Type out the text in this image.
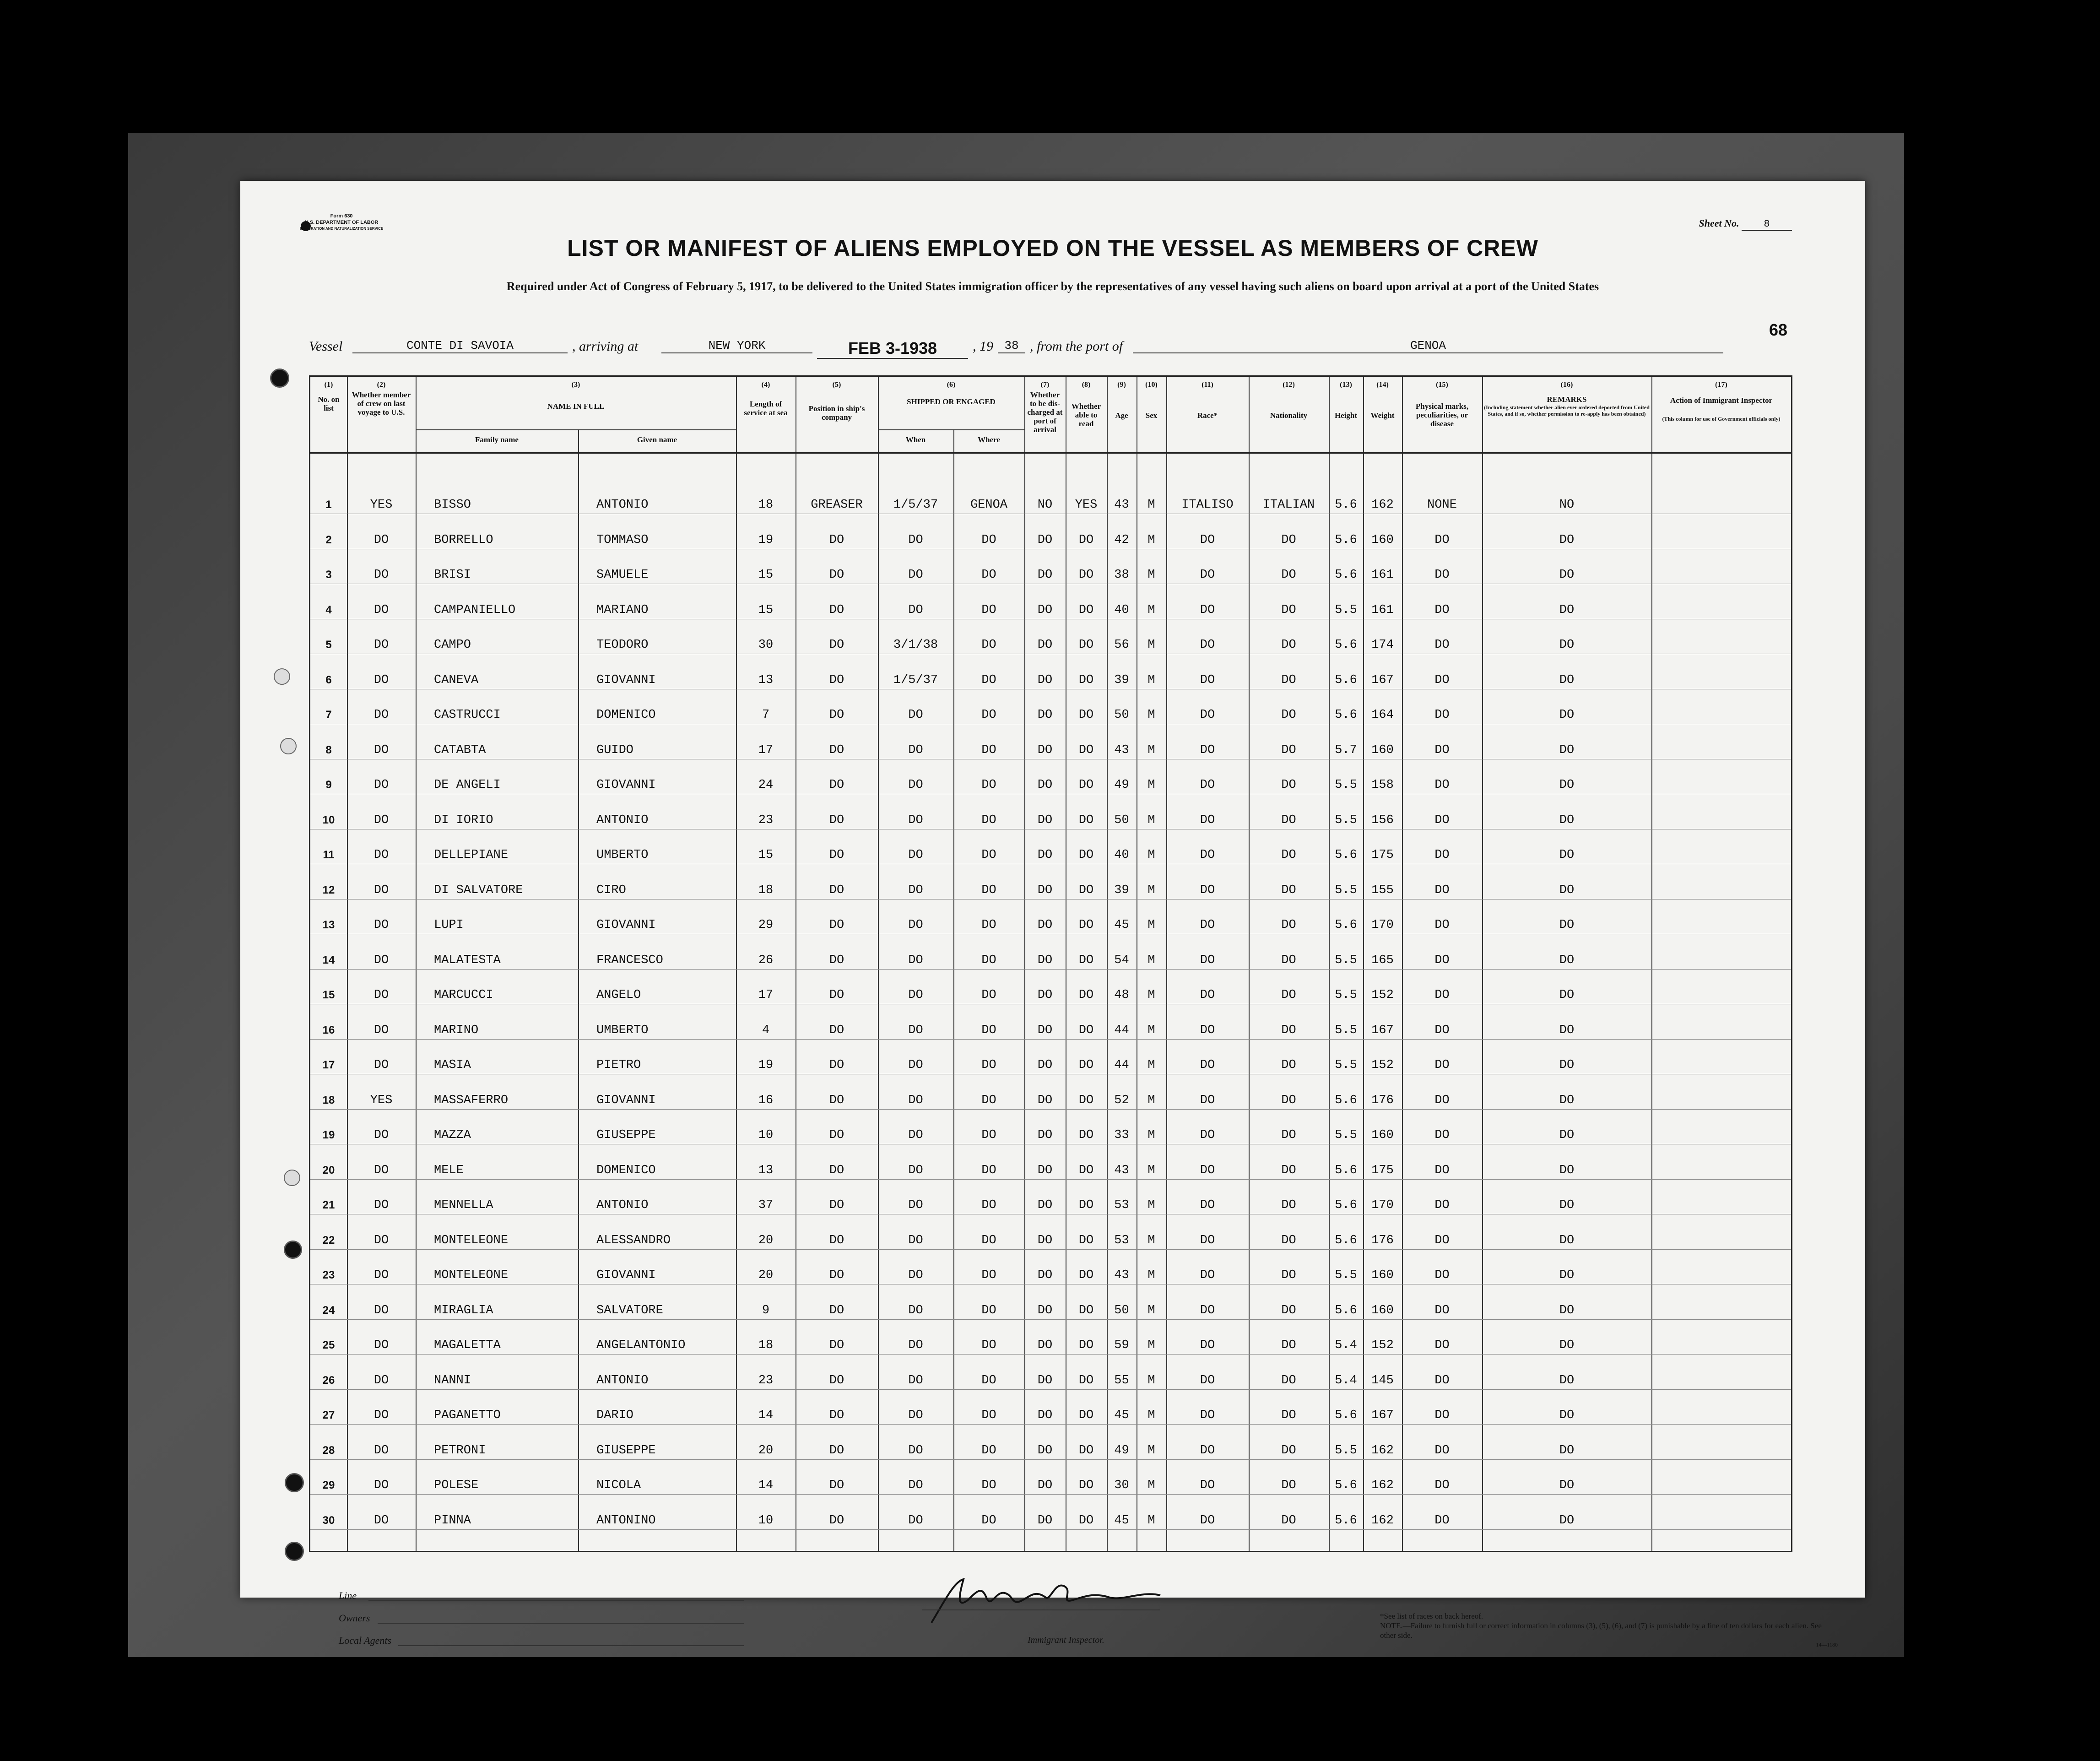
Form 630
U.S. DEPARTMENT OF LABOR
IMMIGRATION AND NATURALIZATION SERVICE	Sheet No. 8
LIST OR MANIFEST OF ALIENS EMPLOYED ON THE VESSEL AS MEMBERS OF CREW
Required under Act of Congress of February 5, 1917, to be delivered to the United States immigration officer by the representatives of any vessel having such aliens on board upon arrival at a port of the United States
68
Vessel	CONTE DI SAVOIA	, arriving at	NEW YORK	FEB 3-1938	, 19 38 , from the port of	GENOA
(1)	(2)	(3)	(4)	(5)	(6)	(7)	(8)	(9)	(10)	(11)	(12)	(13)	(14)	(15)	(16)	(17)
No. on list
Whether member of crew on last voyage to U.S.
NAME IN FULL
Family name	Given name
Length of service at sea	Position in ship's company
SHIPPED OR ENGAGED
When	Where
Whether to be dis-charged at port of arrival
Whether able to read
Age	Sex	Race*	Nationality	Height	Weight
Physical marks, peculiarities, or disease
REMARKS
(Including statement whether alien ever ordered deported from United States, and if so, whether permission to re-apply has been obtained)
Action of Immigrant Inspector
(This column for use of Government officials only)
1	YES	BISSO	ANTONIO	18	GREASER	1/5/37	GENOA	NO	YES	43	M	ITALISO	ITALIAN	5.6	162	NONE	NO
2	DO	BORRELLO	TOMMASO	19	DO	DO	DO	DO	DO	42	M	DO	DO	5.6	160	DO	DO
3	DO	BRISI	SAMUELE	15	DO	DO	DO	DO	DO	38	M	DO	DO	5.6	161	DO	DO
4	DO	CAMPANIELLO	MARIANO	15	DO	DO	DO	DO	DO	40	M	DO	DO	5.5	161	DO	DO
5	DO	CAMPO	TEODORO	30	DO	3/1/38	DO	DO	DO	56	M	DO	DO	5.6	174	DO	DO
6	DO	CANEVA	GIOVANNI	13	DO	1/5/37	DO	DO	DO	39	M	DO	DO	5.6	167	DO	DO
7	DO	CASTRUCCI	DOMENICO	7	DO	DO	DO	DO	DO	50	M	DO	DO	5.6	164	DO	DO
8	DO	CATABTA	GUIDO	17	DO	DO	DO	DO	DO	43	M	DO	DO	5.7	160	DO	DO
9	DO	DE ANGELI	GIOVANNI	24	DO	DO	DO	DO	DO	49	M	DO	DO	5.5	158	DO	DO
10	DO	DI IORIO	ANTONIO	23	DO	DO	DO	DO	DO	50	M	DO	DO	5.5	156	DO	DO
11	DO	DELLEPIANE	UMBERTO	15	DO	DO	DO	DO	DO	40	M	DO	DO	5.6	175	DO	DO
12	DO	DI SALVATORE	CIRO	18	DO	DO	DO	DO	DO	39	M	DO	DO	5.5	155	DO	DO
13	DO	LUPI	GIOVANNI	29	DO	DO	DO	DO	DO	45	M	DO	DO	5.6	170	DO	DO
14	DO	MALATESTA	FRANCESCO	26	DO	DO	DO	DO	DO	54	M	DO	DO	5.5	165	DO	DO
15	DO	MARCUCCI	ANGELO	17	DO	DO	DO	DO	DO	48	M	DO	DO	5.5	152	DO	DO
16	DO	MARINO	UMBERTO	4	DO	DO	DO	DO	DO	44	M	DO	DO	5.5	167	DO	DO
17	DO	MASIA	PIETRO	19	DO	DO	DO	DO	DO	44	M	DO	DO	5.5	152	DO	DO
18	YES	MASSAFERRO	GIOVANNI	16	DO	DO	DO	DO	DO	52	M	DO	DO	5.6	176	DO	DO
19	DO	MAZZA	GIUSEPPE	10	DO	DO	DO	DO	DO	33	M	DO	DO	5.5	160	DO	DO
20	DO	MELE	DOMENICO	13	DO	DO	DO	DO	DO	43	M	DO	DO	5.6	175	DO	DO
21	DO	MENNELLA	ANTONIO	37	DO	DO	DO	DO	DO	53	M	DO	DO	5.6	170	DO	DO
22	DO	MONTELEONE	ALESSANDRO	20	DO	DO	DO	DO	DO	53	M	DO	DO	5.6	176	DO	DO
23	DO	MONTELEONE	GIOVANNI	20	DO	DO	DO	DO	DO	43	M	DO	DO	5.5	160	DO	DO
24	DO	MIRAGLIA	SALVATORE	9	DO	DO	DO	DO	DO	50	M	DO	DO	5.6	160	DO	DO
25	DO	MAGALETTA	ANGELANTONIO	18	DO	DO	DO	DO	DO	59	M	DO	DO	5.4	152	DO	DO
26	DO	NANNI	ANTONIO	23	DO	DO	DO	DO	DO	55	M	DO	DO	5.4	145	DO	DO
27	DO	PAGANETTO	DARIO	14	DO	DO	DO	DO	DO	45	M	DO	DO	5.6	167	DO	DO
28	DO	PETRONI	GIUSEPPE	20	DO	DO	DO	DO	DO	49	M	DO	DO	5.5	162	DO	DO
29	DO	POLESE	NICOLA	14	DO	DO	DO	DO	DO	30	M	DO	DO	5.6	162	DO	DO
30	DO	PINNA	ANTONINO	10	DO	DO	DO	DO	DO	45	M	DO	DO	5.6	162	DO	DO
Line
Owners
Local Agents	Immigrant Inspector.
*See list of races on back hereof.
NOTE.—Failure to furnish full or correct information in columns (3), (5), (6), and (7) is punishable by a fine of ten dollars for each alien. See other side.
14—1180
